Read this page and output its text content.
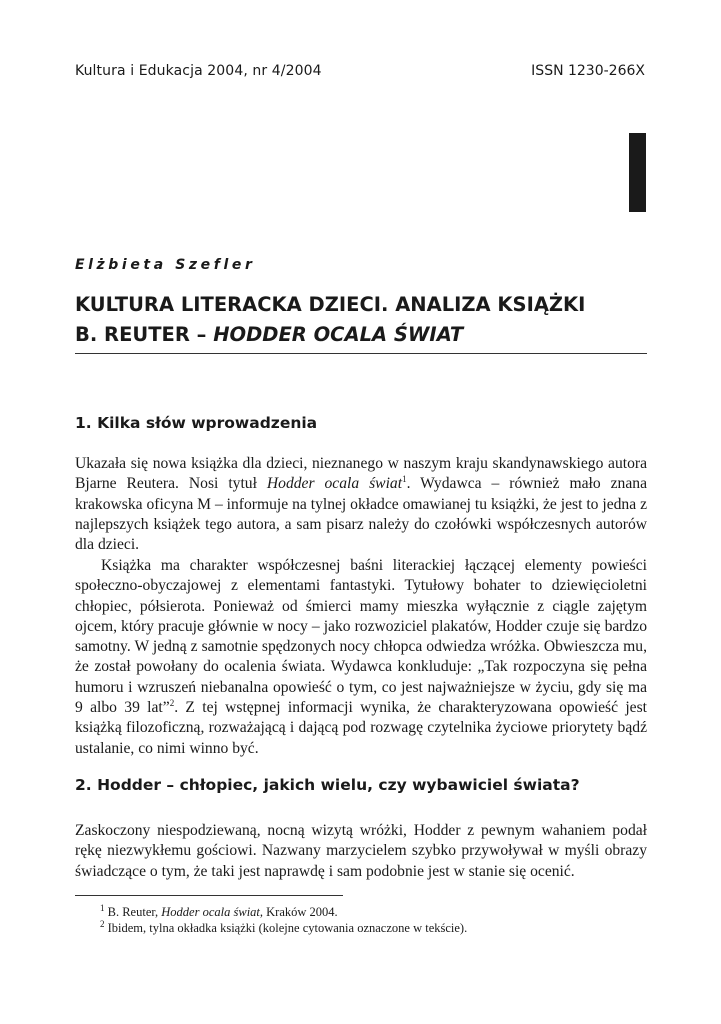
Kultura i Edukacja 2004, nr 4/2004	ISSN 1230-266X
Elżbieta Szefler
KULTURA LITERACKA DZIECI. ANALIZA KSIĄŻKI
B. REUTER – HODDER OCALA ŚWIAT
1. Kilka słów wprowadzenia

Ukazała się nowa książka dla dzieci, nieznanego w naszym kraju skandynawskiego autora Bjarne Reutera. Nosi tytuł Hodder ocala świat$^1$. Wydawca – również mało znana krakowska oficyna M – informuje na tylnej okładce omawianej tu książki, że jest to jedna z najlepszych książek tego autora, a sam pisarz należy do czołówki współczesnych autorów dla dzieci.

Książka ma charakter współczesnej baśni literackiej łączącej elementy powieści społeczno-obyczajowej z elementami fantastyki. Tytułowy bohater to dziewięcioletni chłopiec, półsierota. Ponieważ od śmierci mamy mieszka wyłącznie z ciągle zajętym ojcem, który pracuje głównie w nocy – jako rozwoziciel plakatów, Hodder czuje się bardzo samotny. W jedną z samotnie spędzonych nocy chłopca odwiedza wróżka. Obwieszcza mu, że został powołany do ocalenia świata. Wydawca konkluduje: „Tak rozpoczyna się pełna humoru i wzruszeń niebanalna opowieść o tym, co jest najważniejsze w życiu, gdy się ma 9 albo 39 lat”$^2$. Z tej wstępnej informacji wynika, że charakteryzowana opowieść jest książką filozoficzną, rozważającą i dającą pod rozwagę czytelnika życiowe priorytety bądź ustalanie, co nimi winno być.

2. Hodder – chłopiec, jakich wielu, czy wybawiciel świata?

Zaskoczony niespodziewaną, nocną wizytą wróżki, Hodder z pewnym wahaniem podał rękę niezwykłemu gościowi. Nazwany marzycielem szybko przywoływał w myśli obrazy świadczące o tym, że taki jest naprawdę i sam podobnie jest w stanie się ocenić.

$^1$ B. Reuter, Hodder ocala świat, Kraków 2004.
$^2$ Ibidem, tylna okładka książki (kolejne cytowania oznaczone w tekście).
